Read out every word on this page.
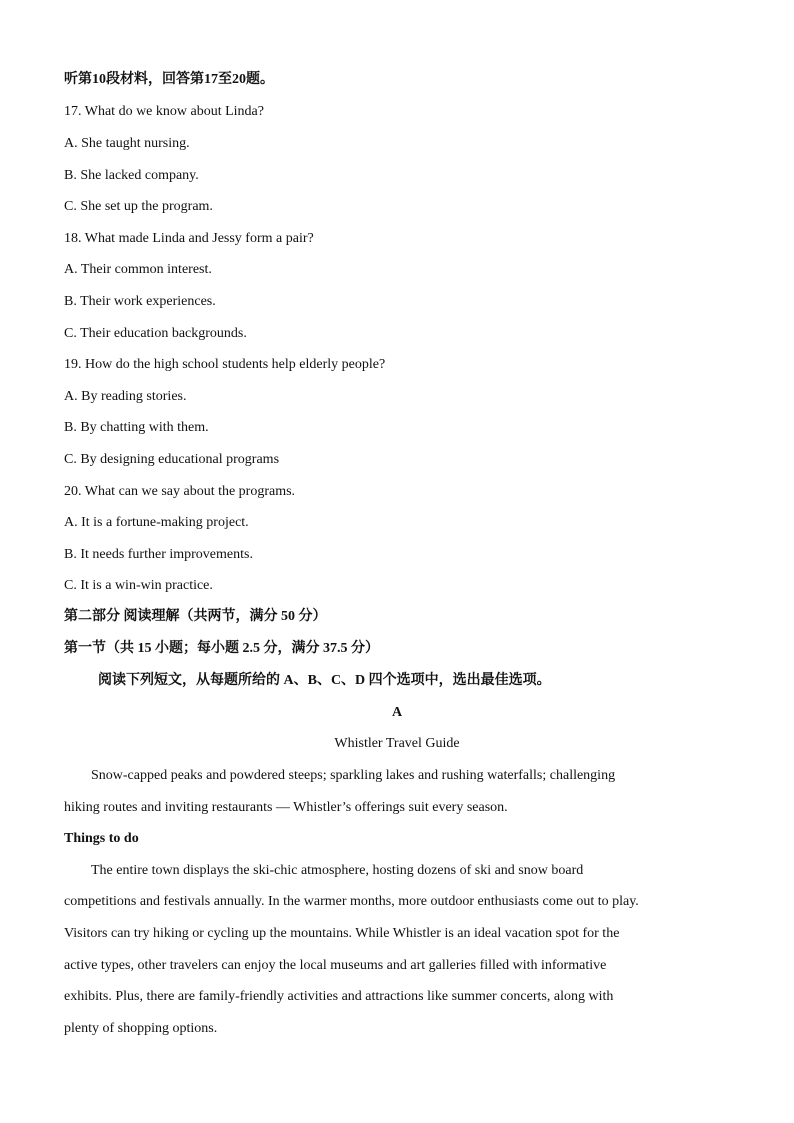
听第10段材料，回答第17至20题。
17. What do we know about Linda?
A. She taught nursing.
B. She lacked company.
C. She set up the program.
18. What made Linda and Jessy form a pair?
A. Their common interest.
B. Their work experiences.
C. Their education backgrounds.
19. How do the high school students help elderly people?
A. By reading stories.
B. By chatting with them.
C. By designing educational programs
20. What can we say about the programs.
A. It is a fortune-making project.
B. It needs further improvements.
C. It is a win-win practice.
第二部分 阅读理解（共两节，满分 50 分）
第一节（共 15 小题；每小题 2.5 分，满分 37.5 分）
阅读下列短文，从每题所给的 A、B、C、D 四个选项中，选出最佳选项。
A
Whistler Travel Guide
Snow-capped peaks and powdered steeps; sparkling lakes and rushing waterfalls; challenging
hiking routes and inviting restaurants — Whistler’s offerings suit every season.
Things to do
The entire town displays the ski-chic atmosphere, hosting dozens of ski and snow board
competitions and festivals annually. In the warmer months, more outdoor enthusiasts come out to play.
Visitors can try hiking or cycling up the mountains. While Whistler is an ideal vacation spot for the
active types, other travelers can enjoy the local museums and art galleries filled with informative
exhibits. Plus, there are family-friendly activities and attractions like summer concerts, along with
plenty of shopping options.
